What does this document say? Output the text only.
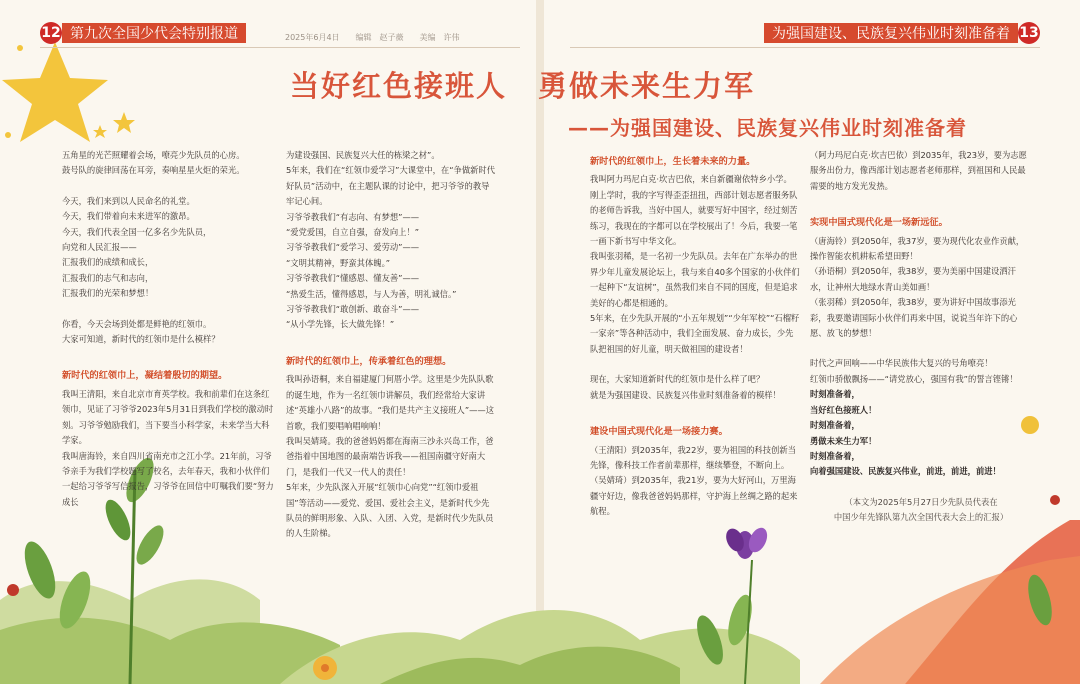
12 第九次全国少代会特别报道	2025年6月4日　　编辑　赵子薇　　美编　许伟	为强国建设、民族复兴伟业时刻准备着 13
当好红色接班人　勇做未来生力军
——为强国建设、民族复兴伟业时刻准备着

五角星的光芒照耀着会场，嘹亮少先队员的心房。

鼓号队的旋律回荡在耳旁，奏响星星火炬的荣光。

今天，我们来到以人民命名的礼堂。

今天，我们带着向未来进军的激昂。

今天，我们代表全国一亿多名少先队员，

向党和人民汇报——

汇报我们的成绩和成长，

汇报我们的志气和志向，

汇报我们的光荣和梦想！

你看，今天会场到处都是鲜艳的红领巾。

大家可知道，新时代的红领巾是什么模样？

新时代的红领巾上，凝结着殷切的期望。

我叫王清阳，来自北京市育英学校。我和前辈们在这条红领巾，见证了习爷爷2023年5月31日到我们学校的激动时刻。习爷爷勉励我们，当下要当小科学家，未来学当大科学家。

我叫唐海铃，来自四川省南充市之江小学。21年前，习爷爷亲手为我们学校题写了校名，去年春天，我和小伙伴们一起给习爷爷写信报告，习爷爷在回信中叮嘱我们要“努力成长

为建设强国、民族复兴大任的栋梁之材”。

5年来，我们在“红领巾爱学习”大课堂中，在“争做新时代好队员”活动中，在主题队课的讨论中，把习爷爷的教导牢记心间。

习爷爷教我们“有志向、有梦想”——

“爱党爱国，自立自强，奋发向上！”

习爷爷教我们“爱学习、爱劳动”——

“文明其精神，野蛮其体魄。”

习爷爷教我们“懂感恩、懂友善”——

“热爱生活，懂得感恩，与人为善，明礼诚信。”

习爷爷教我们“敢创新、敢奋斗”——

“从小学先锋，长大做先锋！”

新时代的红领巾上，传承着红色的理想。

我叫孙语桐，来自福建厦门何厝小学。这里是少先队队歌的诞生地，作为一名红领巾讲解员，我们经常给大家讲述“英雄小八路”的故事。“我们是共产主义接班人”——这首歌，我们要唱响唱响响！

我叫吴婧琦。我的爸爸妈妈都在海南三沙永兴岛工作，爸爸指着中国地图的最南端告诉我——祖国南疆守好南大门，是我们一代又一代人的责任！

5年来，少先队深入开展“红领巾心向党”“红领巾爱祖国”等活动——爱党、爱国、爱社会主义，是新时代少先队员的鲜明形象、入队、入团、入党，是新时代少先队员的人生阶梯。

新时代的红领巾上，生长着未来的力量。

我叫阿力玛尼白克·坎吉巴依，来自新疆谢依特乡小学。刚上学时，我的字写得歪歪扭扭，西部计划志愿者服务队的老师告诉我，当好中国人，就要写好中国字，经过刻苦练习，我现在的字都可以在学校展出了！今后，我要一笔一画下新书写中华文化。

我叫张羽稀，是一名初一少先队员。去年在广东举办的世界少年儿童发展论坛上，我与来自40多个国家的小伙伴们一起种下“友谊树”，虽然我们来自不同的国度，但是追求美好的心都是相通的。

5年来，在少先队开展的“小五年规划”“少年军校”“石榴籽一家亲”等各种活动中，我们全面发展、奋力成长，少先队把祖国的好儿童，明天做祖国的建设者！

现在，大家知道新时代的红领巾是什么样了吧？

就是为强国建设、民族复兴伟业时刻准备着的模样！

建设中国式现代化是一场接力赛。

（王清阳）到2035年，我22岁，要为祖国的科技创新当先锋，像科技工作者前辈那样，继续攀登，不断向上。

（吴婧琦）到2035年，我21岁，要为大好河山，万里海疆守好边，像我爸爸妈妈那样，守护海上丝绸之路的起来航程。

（阿力玛尼白克·坎吉巴依）到2035年，我23岁，要为志愿服务出份力，像西部计划志愿者老师那样，到祖国和人民最需要的地方发光发热。

实现中国式现代化是一场新远征。

（唐海铃）到2050年，我37岁，要为现代化农业作贡献，操作智能农机耕耘希望田野！

（孙语桐）到2050年，我38岁，要为美丽中国建设洒汗水，让神州大地绿水青山美如画！

（张羽稀）到2050年，我38岁，要为讲好中国故事添光彩，我要邀请国际小伙伴们再来中国，说说当年许下的心愿、放飞的梦想！

时代之声回响——中华民族伟大复兴的号角嘹亮！

红领巾骄傲飘扬——“请党放心，强国有我”的誓言铿锵！

时刻准备着，

当好红色接班人！

时刻准备着，

勇做未来生力军！

时刻准备着，

向着强国建设、民族复兴伟业，前进，前进，前进！

（本文为2025年5月27日少先队员代表在

中国少年先锋队第九次全国代表大会上的汇报）
